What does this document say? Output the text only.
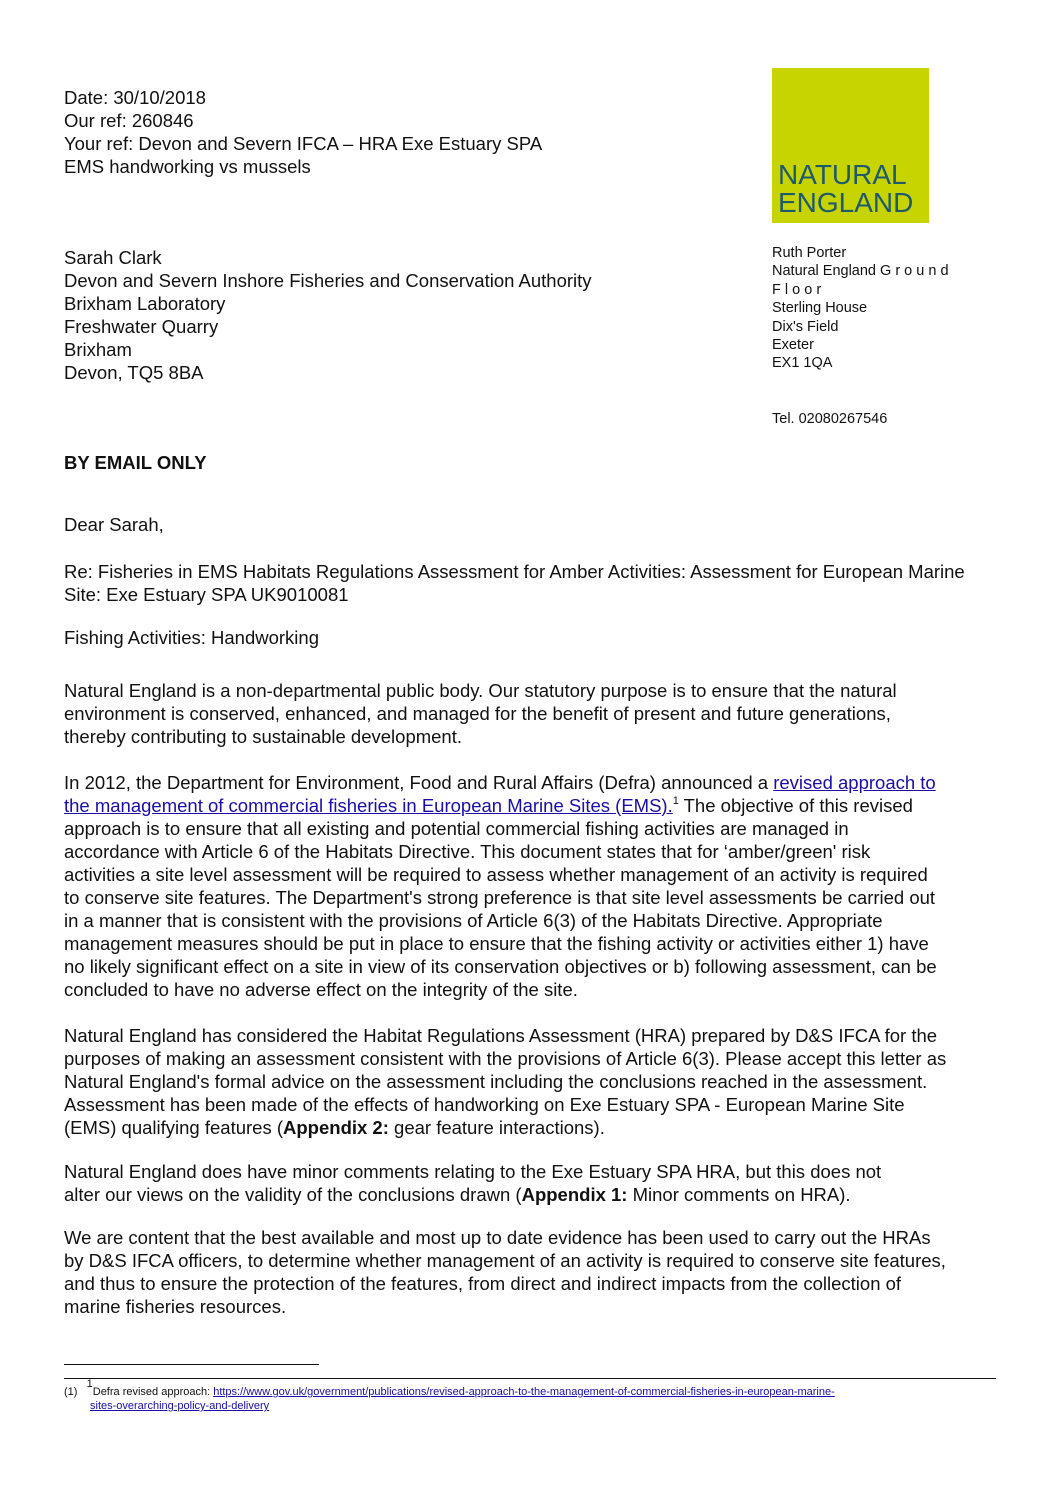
Date: 30/10/2018
Our ref: 260846
Your ref: Devon and Severn IFCA – HRA Exe Estuary SPA
EMS handworking vs mussels	NATURAL
ENGLAND
Sarah Clark
Devon and Severn Inshore Fisheries and Conservation Authority
Brixham Laboratory
Freshwater Quarry
Brixham
Devon, TQ5 8BA
Ruth Porter
Natural England G r o u n d
F l o o r
Sterling House
Dix's Field
Exeter
EX1 1QA
Tel. 02080267546
BY EMAIL ONLY
Dear Sarah,
Re: Fisheries in EMS Habitats Regulations Assessment for Amber Activities: Assessment for European Marine
Site: Exe Estuary SPA UK9010081
Fishing Activities: Handworking
Natural England is a non-departmental public body. Our statutory purpose is to ensure that the natural
environment is conserved, enhanced, and managed for the benefit of present and future generations,
thereby contributing to sustainable development.
In 2012, the Department for Environment, Food and Rural Affairs (Defra) announced a revised approach to
the management of commercial fisheries in European Marine Sites (EMS).$^1$ The objective of this revised
approach is to ensure that all existing and potential commercial fishing activities are managed in
accordance with Article 6 of the Habitats Directive. This document states that for ‘amber/green' risk
activities a site level assessment will be required to assess whether management of an activity is required
to conserve site features. The Department's strong preference is that site level assessments be carried out
in a manner that is consistent with the provisions of Article 6(3) of the Habitats Directive. Appropriate
management measures should be put in place to ensure that the fishing activity or activities either 1) have
no likely significant effect on a site in view of its conservation objectives or b) following assessment, can be
concluded to have no adverse effect on the integrity of the site.
Natural England has considered the Habitat Regulations Assessment (HRA) prepared by D&S IFCA for the
purposes of making an assessment consistent with the provisions of Article 6(3). Please accept this letter as
Natural England's formal advice on the assessment including the conclusions reached in the assessment.
Assessment has been made of the effects of handworking on Exe Estuary SPA - European Marine Site
(EMS) qualifying features (Appendix 2: gear feature interactions).
Natural England does have minor comments relating to the Exe Estuary SPA HRA, but this does not
alter our views on the validity of the conclusions drawn (Appendix 1: Minor comments on HRA).
We are content that the best available and most up to date evidence has been used to carry out the HRAs
by D&S IFCA officers, to determine whether management of an activity is required to conserve site features,
and thus to ensure the protection of the features, from direct and indirect impacts from the collection of
marine fisheries resources.
(1)   $^1$Defra revised approach: https://www.gov.uk/government/publications/revised-approach-to-the-management-of-commercial-fisheries-in-european-marine-
sites-overarching-policy-and-delivery
